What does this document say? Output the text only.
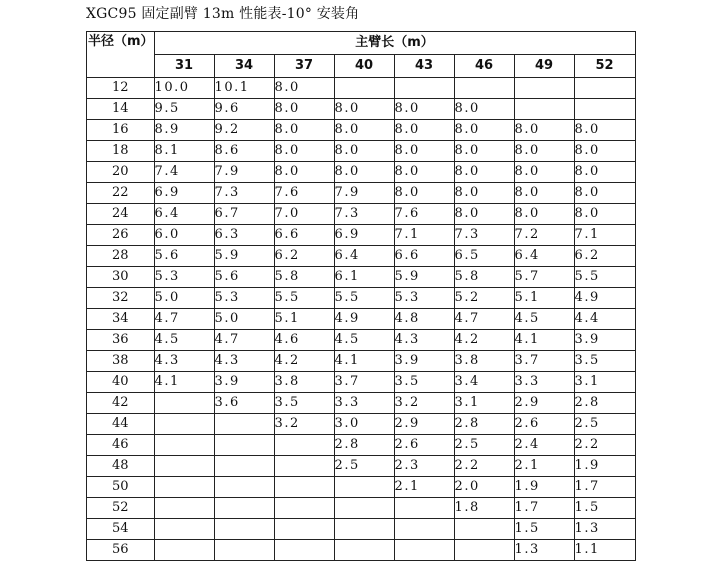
XGC95 固定副臂 13m 性能表-10° 安装角
半径（m）	主臂长（m）							
	31	34	37	40	43	46	49	52
12	10.0	10.1	8.0					
14	9.5	9.6	8.0	8.0	8.0	8.0		
16	8.9	9.2	8.0	8.0	8.0	8.0	8.0	8.0
18	8.1	8.6	8.0	8.0	8.0	8.0	8.0	8.0
20	7.4	7.9	8.0	8.0	8.0	8.0	8.0	8.0
22	6.9	7.3	7.6	7.9	8.0	8.0	8.0	8.0
24	6.4	6.7	7.0	7.3	7.6	8.0	8.0	8.0
26	6.0	6.3	6.6	6.9	7.1	7.3	7.2	7.1
28	5.6	5.9	6.2	6.4	6.6	6.5	6.4	6.2
30	5.3	5.6	5.8	6.1	5.9	5.8	5.7	5.5
32	5.0	5.3	5.5	5.5	5.3	5.2	5.1	4.9
34	4.7	5.0	5.1	4.9	4.8	4.7	4.5	4.4
36	4.5	4.7	4.6	4.5	4.3	4.2	4.1	3.9
38	4.3	4.3	4.2	4.1	3.9	3.8	3.7	3.5
40	4.1	3.9	3.8	3.7	3.5	3.4	3.3	3.1
42		3.6	3.5	3.3	3.2	3.1	2.9	2.8
44			3.2	3.0	2.9	2.8	2.6	2.5
46				2.8	2.6	2.5	2.4	2.2
48				2.5	2.3	2.2	2.1	1.9
50					2.1	2.0	1.9	1.7
52						1.8	1.7	1.5
54							1.5	1.3
56							1.3	1.1
